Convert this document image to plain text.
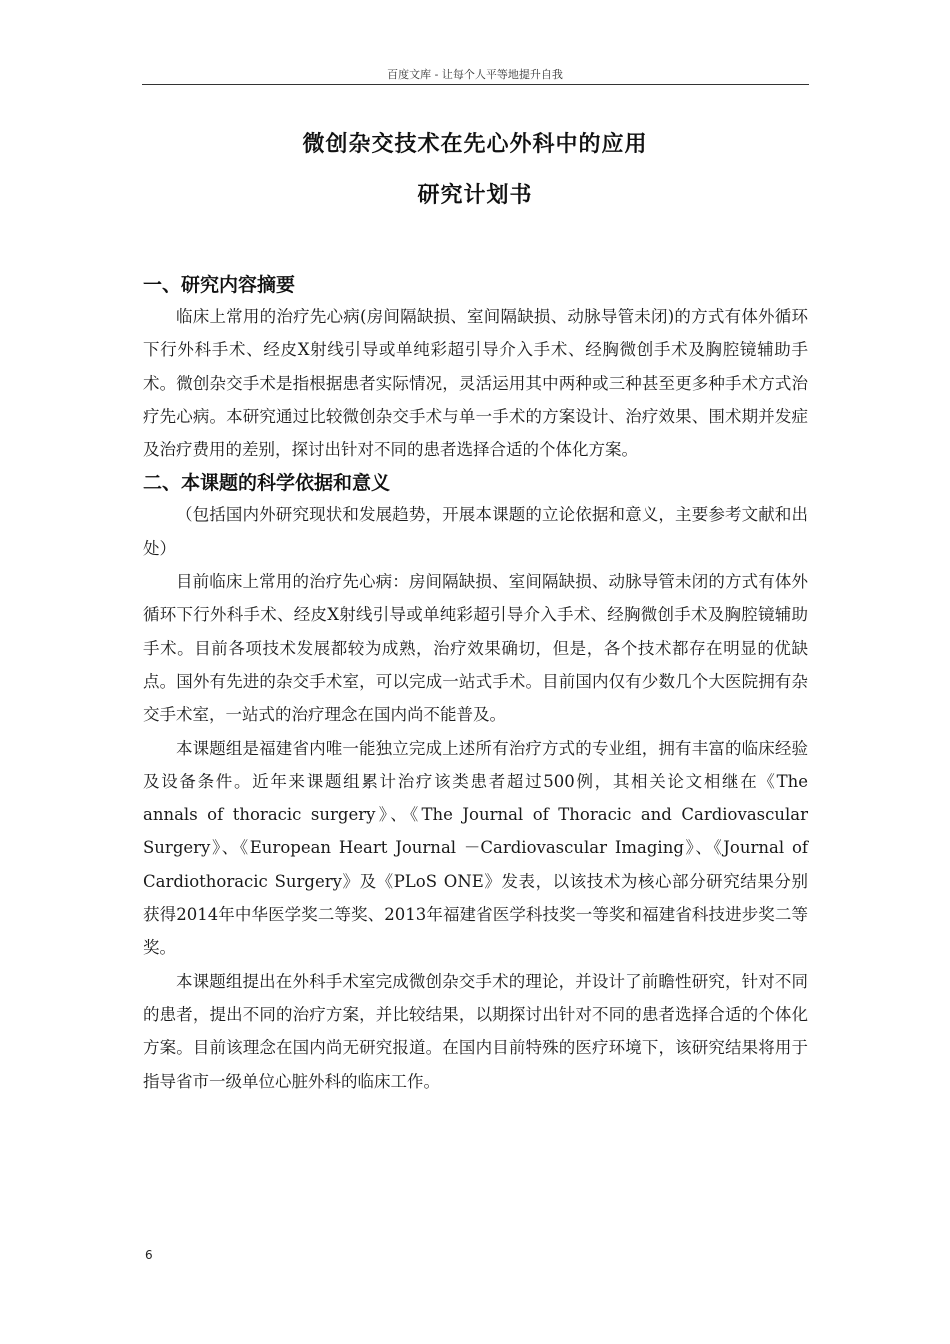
百度文库 - 让每个人平等地提升自我
微创杂交技术在先心外科中的应用
研究计划书
一、研究内容摘要

临床上常用的治疗先心病(房间隔缺损、室间隔缺损、动脉导管未闭)的方式有体外循环下行外科手术、经皮X射线引导或单纯彩超引导介入手术、经胸微创手术及胸腔镜辅助手术。微创杂交手术是指根据患者实际情况，灵活运用其中两种或三种甚至更多种手术方式治疗先心病。本研究通过比较微创杂交手术与单一手术的方案设计、治疗效果、围术期并发症及治疗费用的差别，探讨出针对不同的患者选择合适的个体化方案。

二、本课题的科学依据和意义

（包括国内外研究现状和发展趋势，开展本课题的立论依据和意义，主要参考文献和出处）

目前临床上常用的治疗先心病：房间隔缺损、室间隔缺损、动脉导管未闭的方式有体外循环下行外科手术、经皮X射线引导或单纯彩超引导介入手术、经胸微创手术及胸腔镜辅助手术。目前各项技术发展都较为成熟，治疗效果确切，但是，各个技术都存在明显的优缺点。国外有先进的杂交手术室，可以完成一站式手术。目前国内仅有少数几个大医院拥有杂交手术室，一站式的治疗理念在国内尚不能普及。

本课题组是福建省内唯一能独立完成上述所有治疗方式的专业组，拥有丰富的临床经验及设备条件。近年来课题组累计治疗该类患者超过500例，其相关论文相继在《The annals of thoracic surgery》、《The Journal of Thoracic and Cardiovascular Surgery》、《European Heart Journal －Cardiovascular Imaging》、《Journal of Cardiothoracic Surgery》及《PLoS ONE》发表，以该技术为核心部分研究结果分别获得2014年中华医学奖二等奖、2013年福建省医学科技奖一等奖和福建省科技进步奖二等奖。

本课题组提出在外科手术室完成微创杂交手术的理论，并设计了前瞻性研究，针对不同的患者，提出不同的治疗方案，并比较结果，以期探讨出针对不同的患者选择合适的个体化方案。目前该理念在国内尚无研究报道。在国内目前特殊的医疗环境下，该研究结果将用于指导省市一级单位心脏外科的临床工作。

6
